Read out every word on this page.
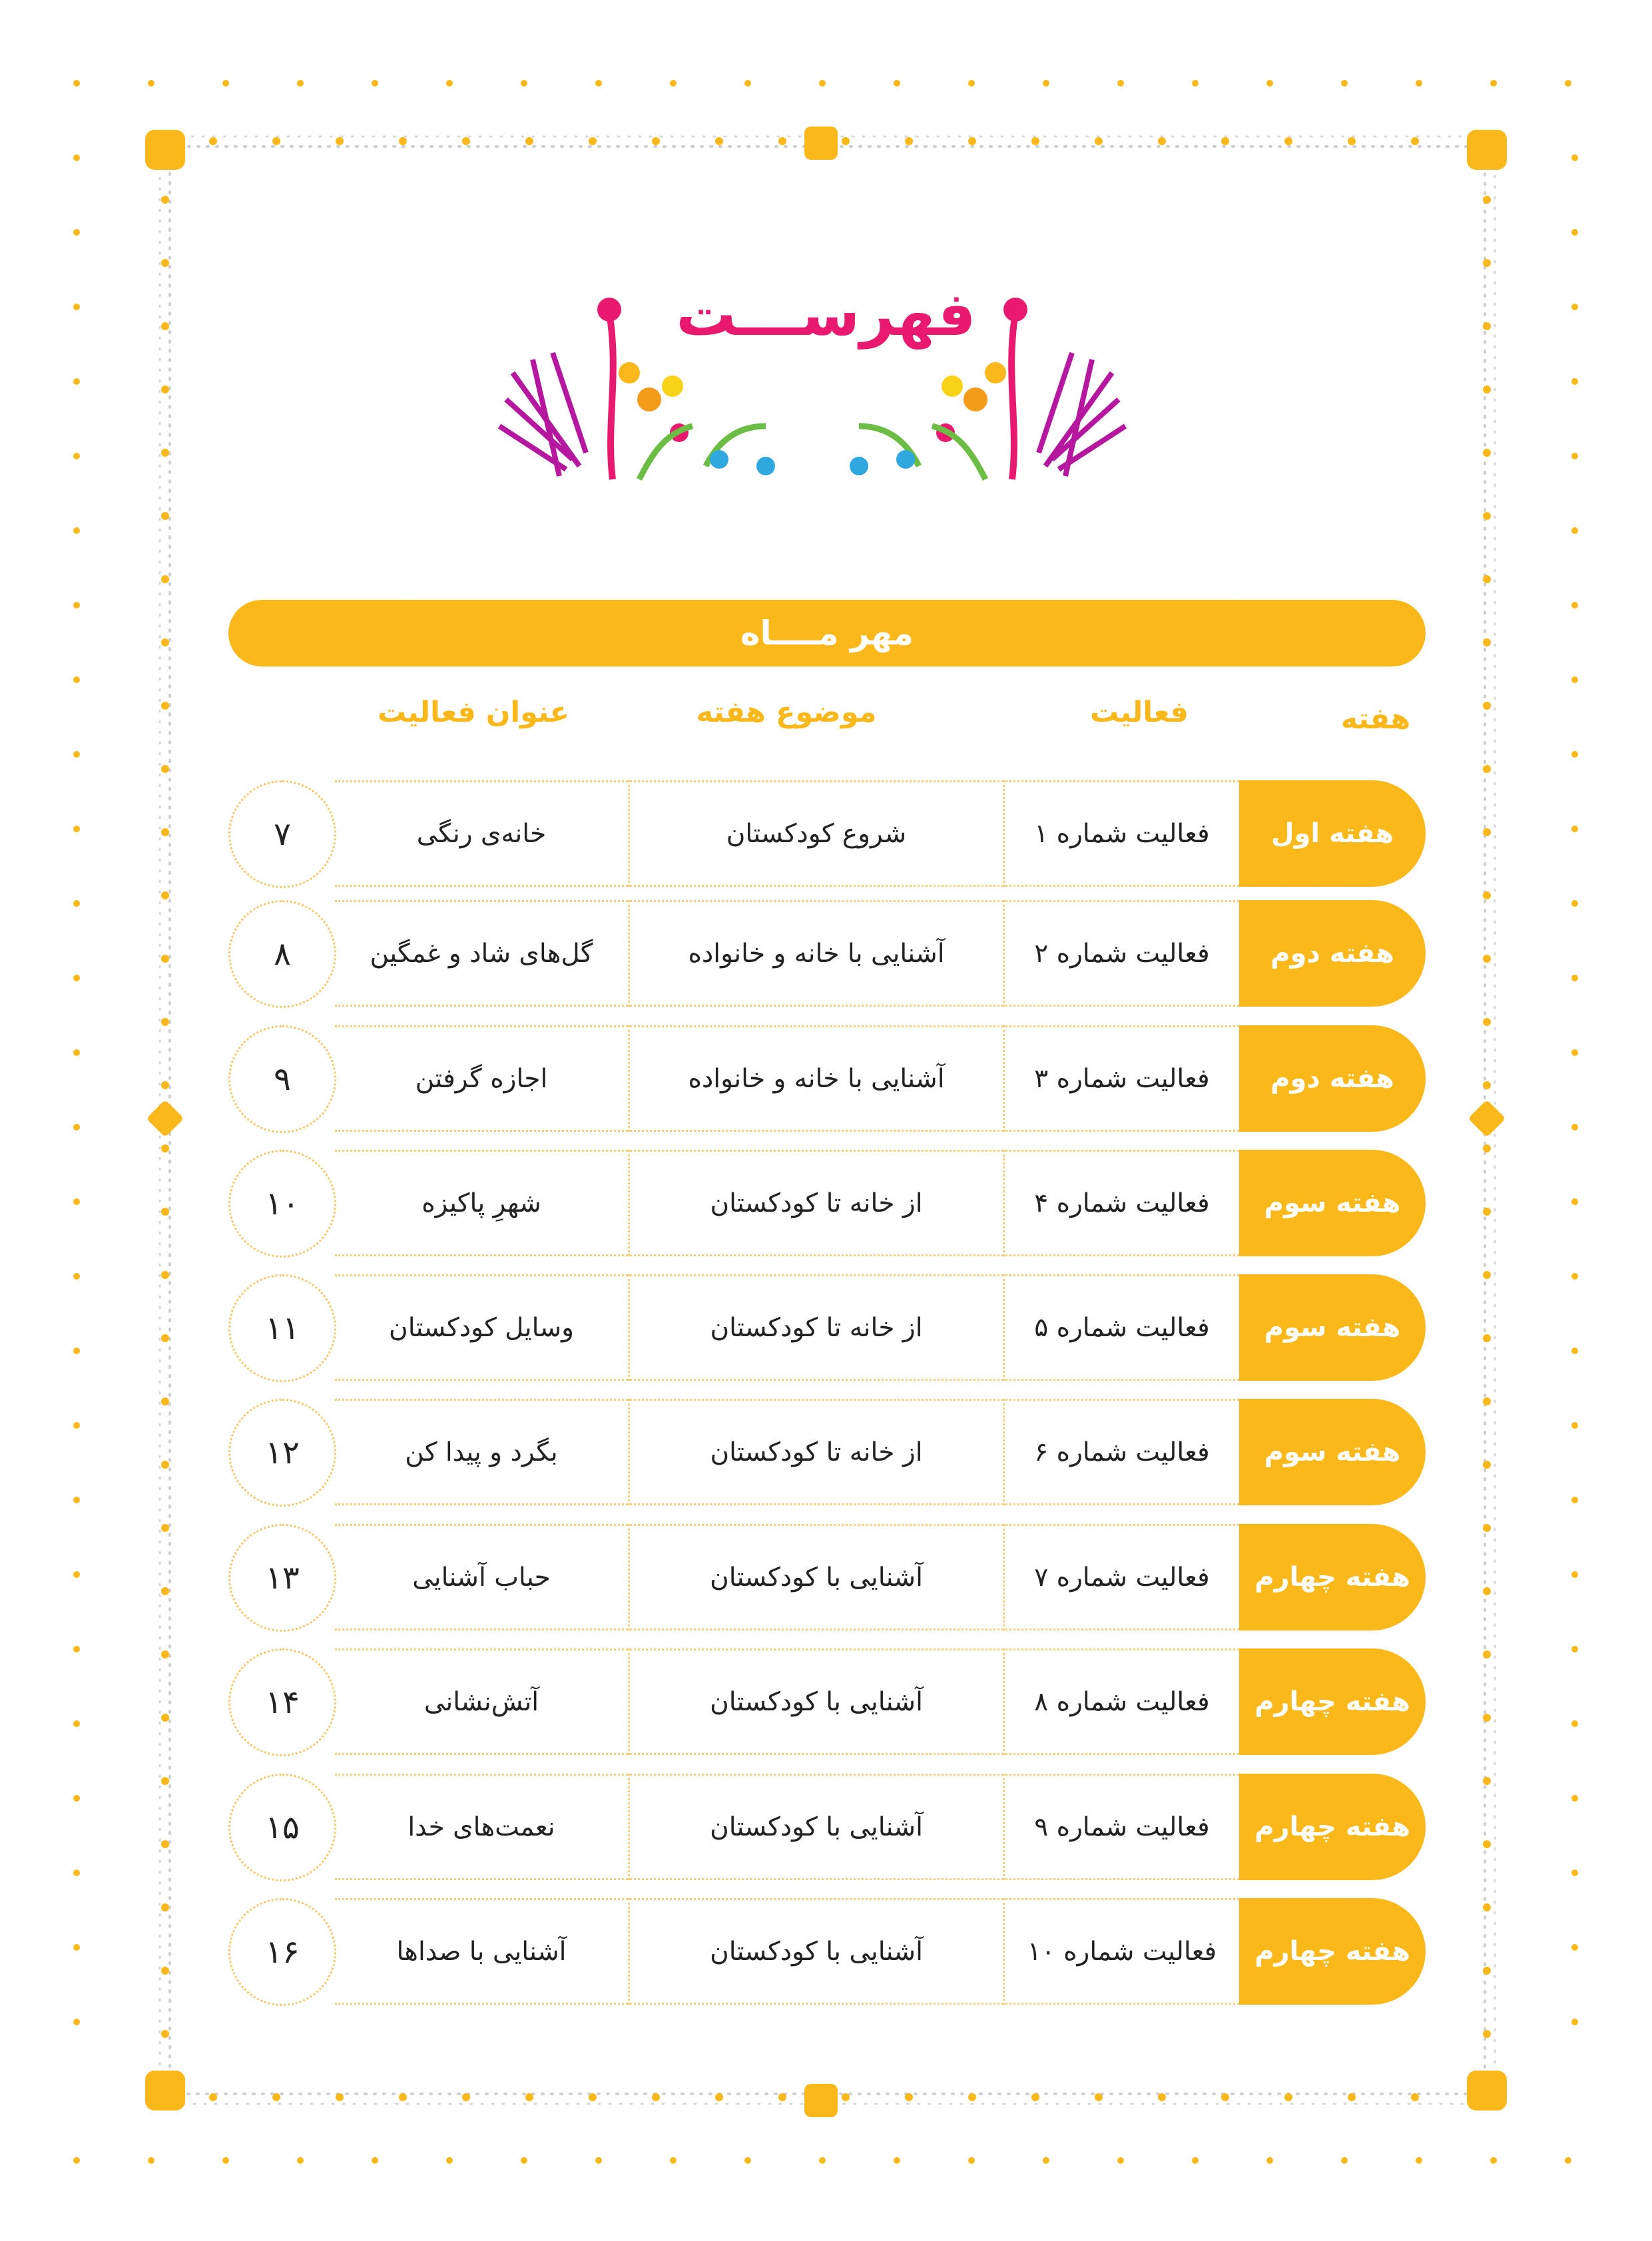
فهرســـت
مهر مــــاه
هفته
فعالیت
موضوع هفته
عنوان فعالیت
هفته اول
فعالیت شماره ۱
شروع کودکستان
خانه‌ی رنگی
۷
هفته دوم
فعالیت شماره ۲
آشنایی با خانه و خانواده
گل‌های شاد و غمگین
۸
هفته دوم
فعالیت شماره ۳
آشنایی با خانه و خانواده
اجازه گرفتن
۹
هفته سوم
فعالیت شماره ۴
از خانه تا کودکستان
شهرِ پاکیزه
۱۰
هفته سوم
فعالیت شماره ۵
از خانه تا کودکستان
وسایل کودکستان
۱۱
هفته سوم
فعالیت شماره ۶
از خانه تا کودکستان
بگرد و پیدا کن
۱۲
هفته چهارم
فعالیت شماره ۷
آشنایی با کودکستان
حباب آشنایی
۱۳
هفته چهارم
فعالیت شماره ۸
آشنایی با کودکستان
آتش‌نشانی
۱۴
هفته چهارم
فعالیت شماره ۹
آشنایی با کودکستان
نعمت‌های خدا
۱۵
هفته چهارم
فعالیت شماره ۱۰
آشنایی با کودکستان
آشنایی با صداها
۱۶
